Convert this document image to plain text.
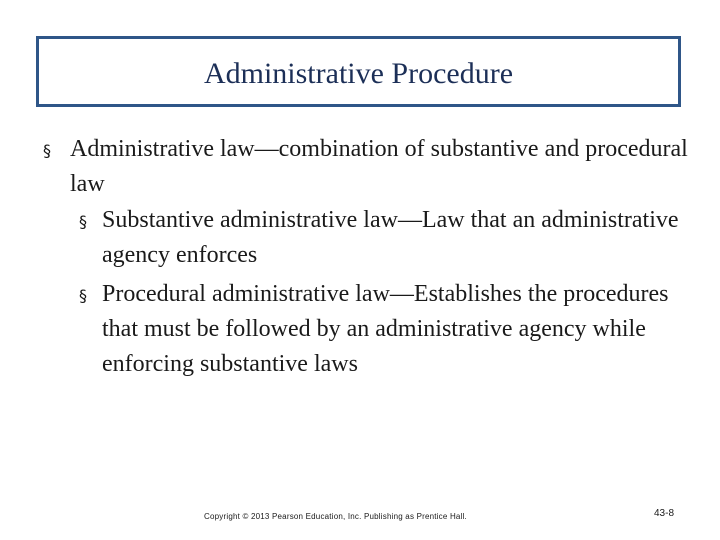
Administrative Procedure
§ Administrative law—combination of substantive and procedural law
§ Substantive administrative law—Law that an administrative agency enforces
§ Procedural administrative law—Establishes the procedures that must be followed by an administrative agency while enforcing substantive laws
Copyright © 2013 Pearson Education, Inc. Publishing as Prentice Hall.	43-8
